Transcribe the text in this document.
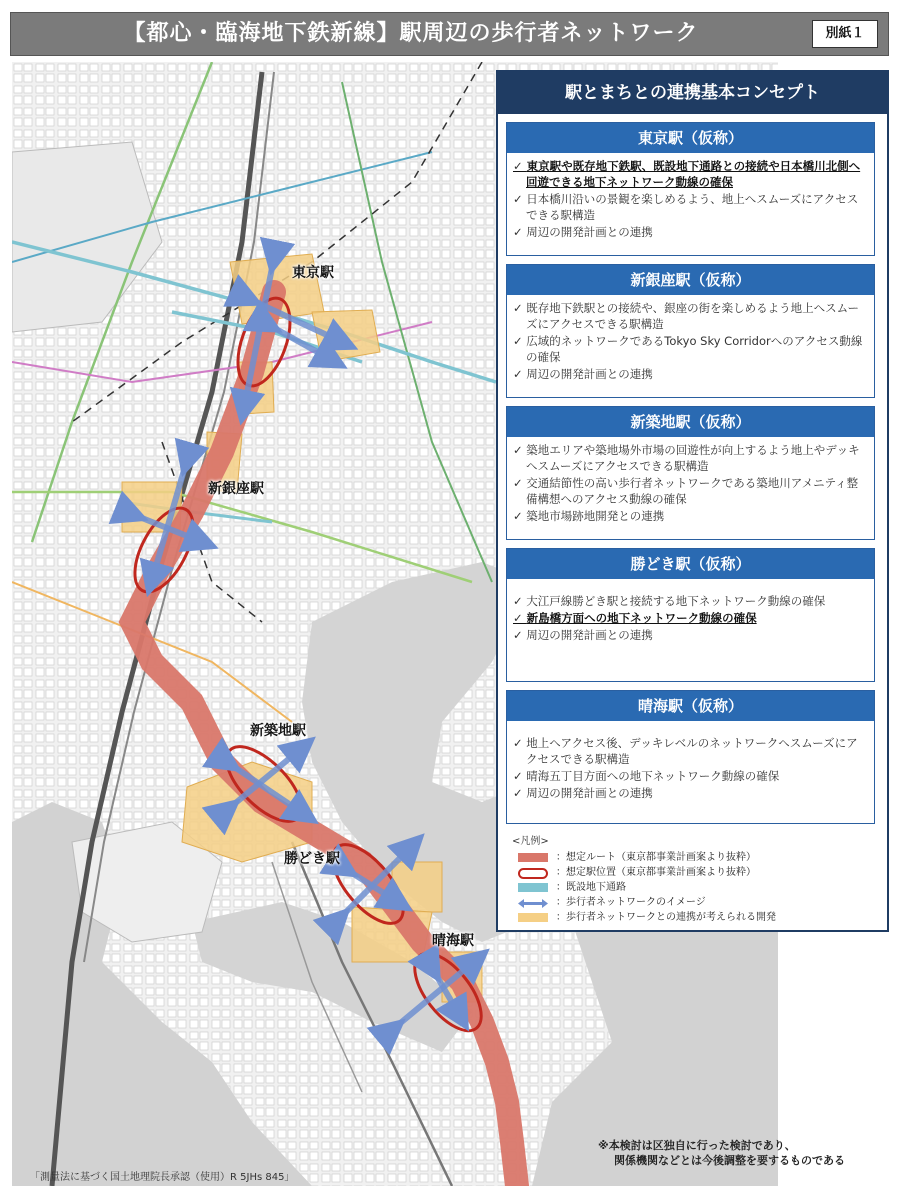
【都心・臨海地下鉄新線】駅周辺の歩行者ネットワーク	別紙１
東京駅
新銀座駅
新築地駅
勝どき駅
晴海駅
駅とまちとの連携基本コンセプト
東京駅（仮称）
✓ 東京駅や既存地下鉄駅、既設地下通路との接続や日本橋川北側へ回遊できる地下ネットワーク動線の確保
✓ 日本橋川沿いの景観を楽しめるよう、地上へスムーズにアクセスできる駅構造
✓ 周辺の開発計画との連携
新銀座駅（仮称）
✓ 既存地下鉄駅との接続や、銀座の街を楽しめるよう地上へスムーズにアクセスできる駅構造
✓ 広域的ネットワークであるTokyo Sky Corridorへのアクセス動線の確保
✓ 周辺の開発計画との連携
新築地駅（仮称）
✓ 築地エリアや築地場外市場の回遊性が向上するよう地上やデッキへスムーズにアクセスできる駅構造
✓ 交通結節性の高い歩行者ネットワークである築地川アメニティ整備構想へのアクセス動線の確保
✓ 築地市場跡地開発との連携
勝どき駅（仮称）
✓ 大江戸線勝どき駅と接続する地下ネットワーク動線の確保
✓ 新島橋方面への地下ネットワーク動線の確保
✓ 周辺の開発計画との連携
晴海駅（仮称）
✓ 地上へアクセス後、デッキレベルのネットワークへスムーズにアクセスできる駅構造
✓ 晴海五丁目方面への地下ネットワーク動線の確保
✓ 周辺の開発計画との連携
<凡例>
：想定ルート（東京都事業計画案より抜粋）
：想定駅位置（東京都事業計画案より抜粋）
：既設地下通路
：歩行者ネットワークのイメージ
：歩行者ネットワークとの連携が考えられる開発
※本検討は区独自に行った検討であり、
関係機関などとは今後調整を要するものである
「測量法に基づく国土地理院長承認（使用）R 5JHs 845」
